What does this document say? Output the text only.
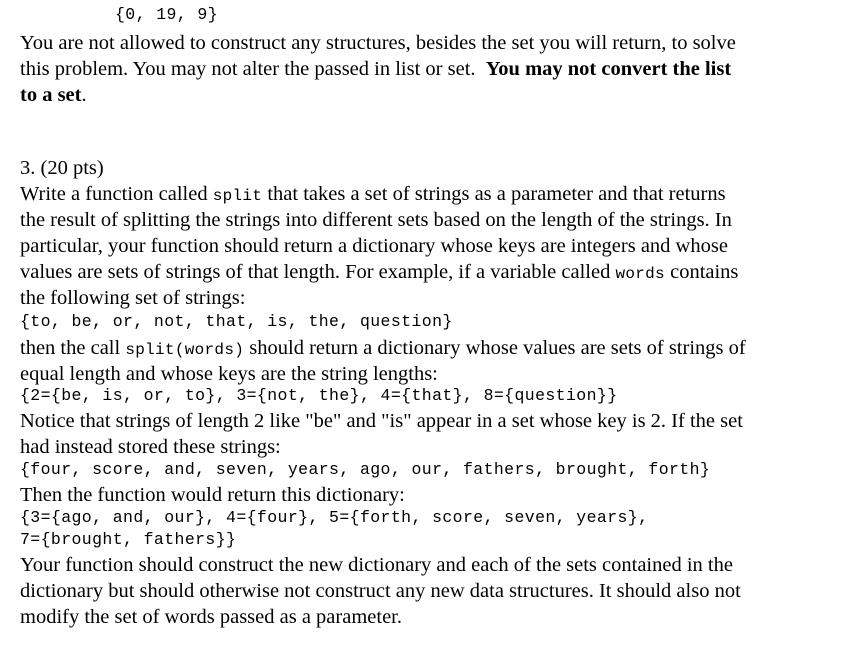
{0, 19, 9}
You are not allowed to construct any structures, besides the set you will return, to solve
this problem. You may not alter the passed in list or set. You may not convert the list
to a set.
3. (20 pts)
Write a function called split that takes a set of strings as a parameter and that returns
the result of splitting the strings into different sets based on the length of the strings. In
particular, your function should return a dictionary whose keys are integers and whose
values are sets of strings of that length. For example, if a variable called words contains
the following set of strings:
{to, be, or, not, that, is, the, question}
then the call split(words) should return a dictionary whose values are sets of strings of
equal length and whose keys are the string lengths:
{2={be, is, or, to}, 3={not, the}, 4={that}, 8={question}}
Notice that strings of length 2 like "be" and "is" appear in a set whose key is 2. If the set
had instead stored these strings:
{four, score, and, seven, years, ago, our, fathers, brought, forth}
Then the function would return this dictionary:
{3={ago, and, our}, 4={four}, 5={forth, score, seven, years},
7={brought, fathers}}
Your function should construct the new dictionary and each of the sets contained in the
dictionary but should otherwise not construct any new data structures. It should also not
modify the set of words passed as a parameter.
